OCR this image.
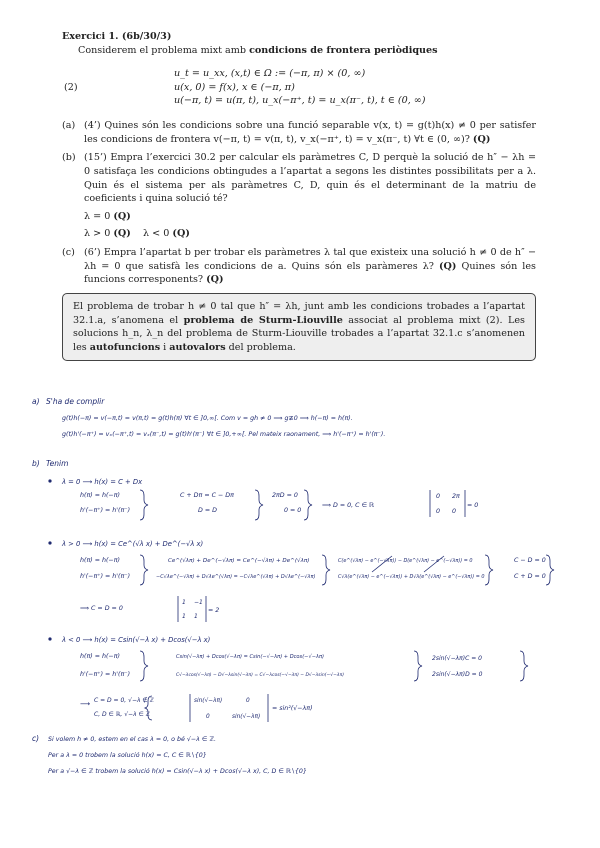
Exercici 1. (6b/30/3)
Considerem el problema mixt amb condicions de frontera periòdiques
(2)
u_t = u_xx, (x,t) ∈ Ω := (−π, π) × (0, ∞)
u(x, 0) = f(x), x ∈ (−π, π)
u(−π, t) = u(π, t), u_x(−π⁺, t) = u_x(π⁻, t), t ∈ (0, ∞)
(a) (4’) Quines són les condicions sobre una funció separable v(x, t) = g(t)h(x) ≠ 0 per satisfer les condicions de frontera v(−π, t) = v(π, t), v_x(−π⁺, t) = v_x(π⁻, t) ∀t ∈ (0, ∞)? (Q)
(b) (15’) Empra l’exercici 30.2 per calcular els paràmetres C, D perquè la solució de h″ − λh = 0 satisfaça les condicions obtingudes a l’apartat a segons les distintes possibilitats per a λ. Quin és el sistema per als paràmetres C, D, quin és el determinant de la matriu de coeficients i quina solució té?
λ = 0 (Q)
λ > 0 (Q) λ < 0 (Q)
(c) (6’) Empra l’apartat b per trobar els paràmetres λ tal que existeix una solució h ≠ 0 de h″ − λh = 0 que satisfà les condicions de a. Quins són els paràmeres λ? (Q) Quines són les funcions corresponents? (Q)
El problema de trobar h ≠ 0 tal que h″ = λh, junt amb les condicions trobades a l’apartat 32.1.a, s’anomena el problema de Sturm-Liouville associat al problema mixt (2). Les solucions h_n, λ_n del problema de Sturm-Liouville trobades a l’apartat 32.1.c s’anomenen les autofuncions i autovalors del problema.
a) S'ha de complir
g(t)h(−π) = v(−π,t) = v(π,t) = g(t)h(π) ∀t ∈ ]0,∞[. Com v = gh ≠ 0 ⟹ g≢0 ⟹ h(−π) = h(π).
g(t)h'(−π⁺) = vₓ(−π⁺,t) = vₓ(π⁻,t) = g(t)h'(π⁻) ∀t ∈ ]0,+∞[. Pel mateix raonament, ⟹ h'(−π⁺) = h'(π⁻).
b) Tenim
λ = 0 ⟶ h(x) = C + Dx
h(π) = h(−π)
h'(−π⁺) = h'(π⁻)
C + Dπ = C − Dπ
D = D
2πD = 0
0 = 0
⟹ D = 0, C ∈ ℝ
0 2π
0 0
= 0
λ > 0 ⟶ h(x) = Ce^(√λ x) + De^(−√λ x)
h(π) = h(−π)
h'(−π⁺) = h'(π⁻)
Ce^(√λπ) + De^(−√λπ) = Ce^(−√λπ) + De^(√λπ)
−C√λe^(−√λπ) + D√λe^(√λπ) = −C√λe^(√λπ) + D√λe^(−√λπ)
C(e^(√λπ) − e^(−√λπ)) − D(e^(√λπ) − e^(−√λπ)) = 0
C√λ(e^(√λπ) − e^(−√λπ)) + D√λ(e^(√λπ) − e^(−√λπ)) = 0
C − D = 0
C + D = 0
⟹ C = D = 0
1 −1
1 1
= 2
λ < 0 ⟶ h(x) = Csin(√−λ x) + Dcos(√−λ x)
h(π) = h(−π)
h'(−π⁺) = h'(π⁻)
Csin(√−λπ) + Dcos(√−λπ) = Csin(−√−λπ) + Dcos(−√−λπ)
C√−λcos(√−λπ) − D√−λsin(√−λπ) = C√−λcos(−√−λπ) − D√−λsin(−√−λπ)
2sin(√−λπ)C = 0
2sin(√−λπ)D = 0
⟶ C = D = 0, √−λ ∉ ℤ
C, D ∈ ℝ, √−λ ∈ ℤ
sin(√−λπ)	0
0	sin(√−λπ)
= sin²(√−λπ)
c) Si volem h ≠ 0, estem en el cas λ = 0, o bé √−λ ∈ ℤ.
Per a λ = 0 trobem la solució h(x) = C, C ∈ ℝ∖{0}
Per a √−λ ∈ ℤ trobem la solució h(x) = Csin(√−λ x) + Dcos(√−λ x), C, D ∈ ℝ∖{0}
